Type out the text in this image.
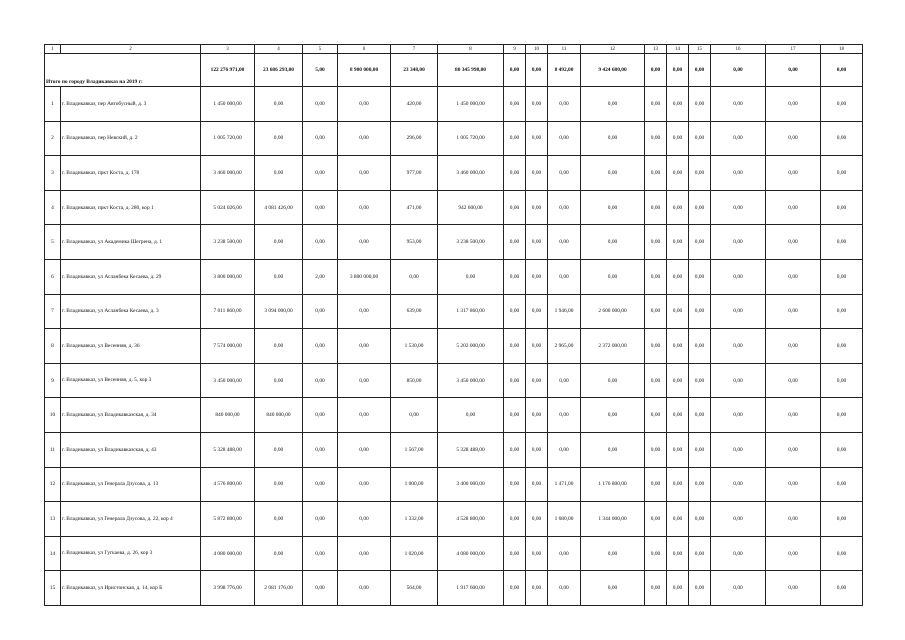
1	2	3	4	5	6	7	8	9	10	11	12	13	14	15	16	17	18
Итого по городу Владикавказ на 2019 г:		122 276 971,00	23 686 293,00	5,00	8 900 000,00	23 348,00	80 345 998,00	0,00	0,00	8 492,00	9 424 680,00	0,00	0,00	0,00	0,00	0,00	0,00
1	г. Владикавказ, пер Автобусный, д. 3	1 450 000,00	0,00	0,00	0,00	420,00	1 450 000,00	0,00	0,00	0,00	0,00	0,00	0,00	0,00	0,00	0,00	0,00
2	г. Владикавказ, пер Невский, д. 2	1 005 720,00	0,00	0,00	0,00	296,00	1 005 720,00	0,00	0,00	0,00	0,00	0,00	0,00	0,00	0,00	0,00	0,00
3	г. Владикавказ, пркт Коста, д. 178	3 460 000,00	0,00	0,00	0,00	977,00	3 460 000,00	0,00	0,00	0,00	0,00	0,00	0,00	0,00	0,00	0,00	0,00
4	г. Владикавказ, пркт Коста, д. 280, кор 1	5 024 026,00	4 081 426,00	0,00	0,00	471,00	942 600,00	0,00	0,00	0,00	0,00	0,00	0,00	0,00	0,00	0,00	0,00
5	г. Владикавказ, ул Академика Шегрена, д. 1	3 238 500,00	0,00	0,00	0,00	953,00	3 238 500,00	0,00	0,00	0,00	0,00	0,00	0,00	0,00	0,00	0,00	0,00
6	г. Владикавказ, ул Асланбека Кесаева, д. 29	3 800 000,00	0,00	2,00	3 800 000,00	0,00	0,00	0,00	0,00	0,00	0,00	0,00	0,00	0,00	0,00	0,00	0,00
7	г. Владикавказ, ул Асланбека Кесаева, д. 3	7 011 860,00	3 094 000,00	0,00	0,00	639,00	1 317 860,00	0,00	0,00	1 946,00	2 600 000,00	0,00	0,00	0,00	0,00	0,00	0,00
8	г. Владикавказ, ул Весенняя, д. 36	7 574 000,00	0,00	0,00	0,00	1 530,00	5 202 000,00	0,00	0,00	2 965,00	2 372 000,00	0,00	0,00	0,00	0,00	0,00	0,00
9	г. Владикавказ, ул Весенняя, д. 5, кор 3	3 450 000,00	0,00	0,00	0,00	850,00	3 450 000,00	0,00	0,00	0,00	0,00	0,00	0,00	0,00	0,00	0,00	0,00
10	г. Владикавказ, ул Владикавказская, д. 34	840 000,00	840 000,00	0,00	0,00	0,00	0,00	0,00	0,00	0,00	0,00	0,00	0,00	0,00	0,00	0,00	0,00
11	г. Владикавказ, ул Владикавказская, д. 43	5 328 488,00	0,00	0,00	0,00	1 567,00	5 328 488,00	0,00	0,00	0,00	0,00	0,00	0,00	0,00	0,00	0,00	0,00
12	г. Владикавказ, ул Генерала Дзусова, д. 13	4 576 800,00	0,00	0,00	0,00	1 000,00	3 400 000,00	0,00	0,00	1 471,00	1 176 800,00	0,00	0,00	0,00	0,00	0,00	0,00
13	г. Владикавказ, ул Генерала Дзусова, д. 22, кор 4	5 872 800,00	0,00	0,00	0,00	1 332,00	4 528 800,00	0,00	0,00	1 680,00	1 344 000,00	0,00	0,00	0,00	0,00	0,00	0,00
14	г. Владикавказ, ул Гугкаева, д. 26, кор 3	4 080 000,00	0,00	0,00	0,00	1 020,00	4 080 000,00	0,00	0,00	0,00	0,00	0,00	0,00	0,00	0,00	0,00	0,00
15	г. Владикавказ, ул Иристонская, д. 14, кор Б	3 998 776,00	2 081 176,00	0,00	0,00	564,00	1 917 600,00	0,00	0,00	0,00	0,00	0,00	0,00	0,00	0,00	0,00	0,00
